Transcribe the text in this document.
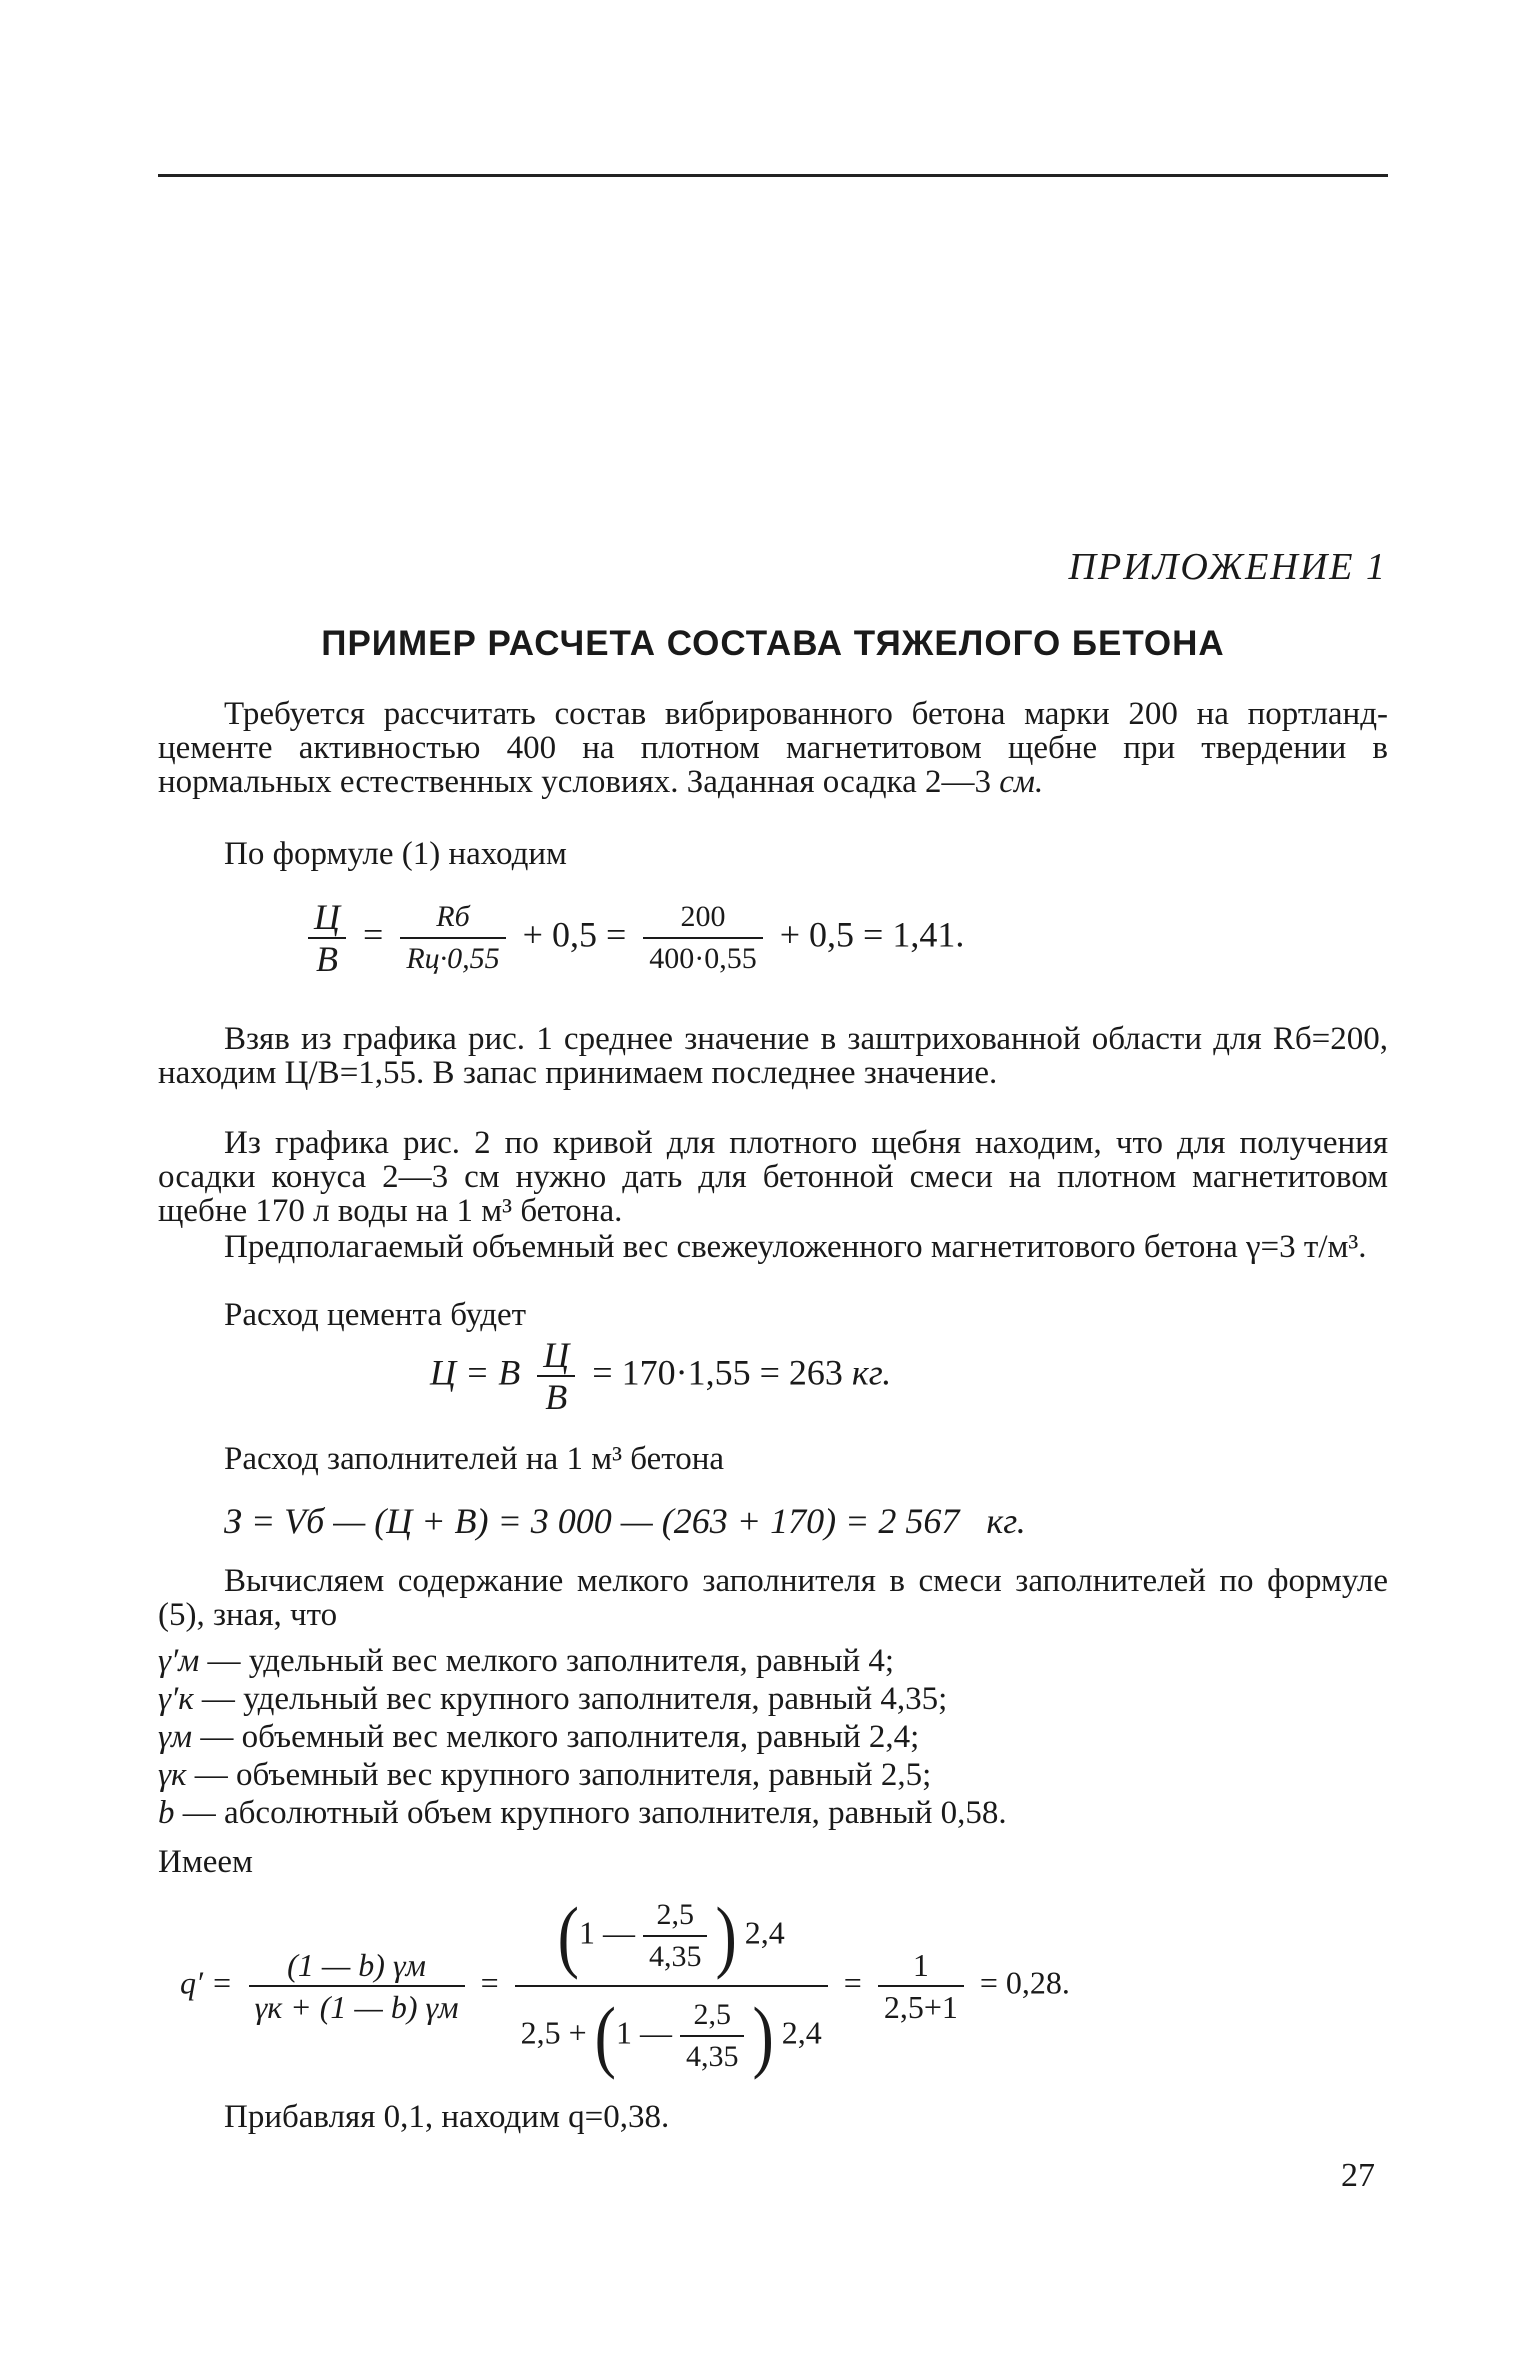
ПРИЛОЖЕНИЕ 1
ПРИМЕР РАСЧЕТА СОСТАВА ТЯЖЕЛОГО БЕТОНА
Требуется рассчитать состав вибрированного бетона марки 200 на портланд-цементе активностью 400 на плотном магнетитовом щебне при твердении в нормальных естественных условиях. Заданная осадка 2—3 см.
По формуле (1) находим
$\frac{Ц}{В} = \frac{Rб}{Rц\cdot 0,55} + 0,5 = \frac{200}{400\cdot 0,55} + 0,5 = 1,41$.
Взяв из графика рис. 1 среднее значение в заштрихованной области для Rб=200, находим Ц/В=1,55. В запас принимаем последнее значение.
Из графика рис. 2 по кривой для плотного щебня находим, что для получения осадки конуса 2—3 см нужно дать для бетонной смеси на плотном магнетитовом щебне 170 л воды на 1 м³ бетона.
Предполагаемый объемный вес свежеуложенного магнетитового бетона γ=3 т/м³.
Расход цемента будет
Ц = В $\frac{Ц}{В} = 170\cdot 1,55 = 263$ кг.
Расход заполнителей на 1 м³ бетона
З = Vб — (Ц + В) = 3 000 — (263 + 170) = 2 567 кг.
Вычисляем содержание мелкого заполнителя в смеси заполнителей по формуле (5), зная, что
γ′м — удельный вес мелкого заполнителя, равный 4;
γ′к — удельный вес крупного заполнителя, равный 4,35;
γм — объемный вес мелкого заполнителя, равный 2,4;
γк — объемный вес крупного заполнителя, равный 2,5;
b — абсолютный объем крупного заполнителя, равный 0,58.
Имеем
$q' = \frac{(1 — b) \gamma м}{\gamma к + (1 — b) \gamma м} = \frac{(1 — \frac{2,5}{4,35} ) 2,4}{2,5 + (1 — \frac{2,5}{4,35} ) 2,4} = \frac{1}{2,5+1} = 0,28$.
Прибавляя 0,1, находим q=0,38.
27
